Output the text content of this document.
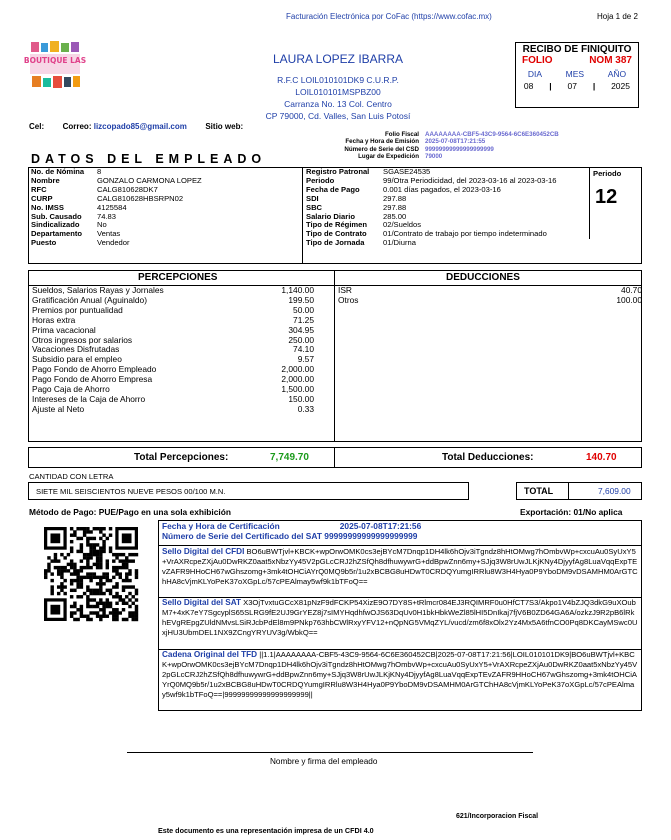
Facturación Electrónica por CoFac (https://www.cofac.mx)	Hoja 1 de 2
BOUTIQUE LAS	LAURA LOPEZ IBARRA
R.F.C LOIL010101DK9 C.U.R.P. LOIL010101MSPBZ00
Carranza No. 13 Col. Centro
CP 79000, Cd. Valles, San Luis Potosí
RECIBO DE FINIQUITO
FOLIO	NOM 387
DIA	MES	AÑO
08 | 07 | 2025
Cel: Correo: lizcopado85@gmail.com Sitio web:
Folio Fiscal AAAAAAAA-CBF5-43C9-9564-6C6E360452CB
Fecha y Hora de Emisión 2025-07-08T17:21:55
Número de Serie del CSD 99999999999999999999
Lugar de Expedición 79000
DATOS DEL EMPLEADO
No. de Nómina	8
Nombre	GONZALO CARMONA LOPEZ
RFC	CALG810628DK7
CURP	CALG810628HBSRPN02
No. IMSS	4125584
Sub. Causado	74.83
Sindicalizado	No
Departamento	Ventas
Puesto	Vendedor
Registro Patronal	SGASE24535
Periodo	99/Otra Periodicidad, del 2023-03-16 al 2023-03-16
Fecha de Pago	0.001 días pagados, el 2023-03-16
SDI	297.88
SBC	297.88
Salario Diario	285.00
Tipo de Régimen	02/Sueldos
Tipo de Contrato	01/Contrato de trabajo por tiempo indeterminado
Tipo de Jornada	01/Diurna
Periodo
12
PERCEPCIONES	DEDUCCIONES
Sueldos, Salarios Rayas y Jornales	1,140.00
Gratificación Anual (Aguinaldo)	199.50
Premios por puntualidad	50.00
Horas extra	71.25
Prima vacacional	304.95
Otros ingresos por salarios	250.00
Vacaciones Disfrutadas	74.10
Subsidio para el empleo	9.57
Pago Fondo de Ahorro Empleado	2,000.00
Pago Fondo de Ahorro Empresa	2,000.00
Pago Caja de Ahorro	1,500.00
Intereses de la Caja de Ahorro	150.00
Ajuste al Neto	0.33
ISR	40.70
Otros	100.00
Total Percepciones:	7,749.70	Total Deducciones:	140.70
CANTIDAD CON LETRA
SIETE MIL SEISCIENTOS NUEVE PESOS 00/100 M.N.	TOTAL	7,609.00
Método de Pago: PUE/Pago en una sola exhibición	Exportación: 01/No aplica
Fecha y Hora de Certificación	2025-07-08T17:21:56
Número de Serie del Certificado del SAT 99999999999999999999
Sello Digital del CFDI BO6uBWTjvl+KBCK+wpOrwOMK0cs3ejBYcM7Dnqp1DH4lk6hOjv3iTgndz8hHtOMwg7hOmbvWp+cxcuAu0SyUxY5+VrAXRcpeZXjAu0DwRKZ0aat5xNbzYy45V2pGLcCRJ2hZSfQh8dfhuwywrG+ddBpwZnn6my+SJjq3W8rUwJLKjKNy4DjyyfAg8LuaVqqExpTEvZAFR9HHoCH67wGhszomg+3mk4tOHCiAYrQ0MQ9b5r/1u2xBCBG8uHDwT0CRDQYumgIRRlu8W3H4Hya0P9YboDM9vDSAMHM0ArGTChHA8cVjmKLYoPeK37oXGpLc/57cPEAlmay5wf9k1bTFoQ==
Sello Digital del SAT X3OjTvxtuGCcX81pNzF9dFCKP54XizE9O7DY8S+tRlmcr084EJ3RQIMRF0u0HfCT7S3/Akpo1V4bZJQ3dkG9uXOubM7+4xK7eY7SgcyplS65SLRG9fE2UJ9GrYEZ8j7sIMYHqdhfwOJS63DqUv0H1bkHbkWeZl85lHI5DnIkaj7fjV6B0ZD64GA6A/ozkzJ9R2pB6lRkhEVgREpgZUldNMvsLSiRJcbPdEl8m9PNkp763hbCWlRxyYFV12+nQpNG5VMqZYL/vucd/zm6f8xOlx2Yz4Mx5A6tfnCO0Pq8DKCayMSwc0UxjHU3UbmDEL1NX9ZCngYRYUV3g/WbkQ==
Cadena Original del TFD ||1.1|AAAAAAAA-CBF5-43C9-9564-6C6E360452CB|2025-07-08T17:21:56|LOIL010101DK9|BO6uBWTjvl+KBCK+wpOrwOMK0cs3ejBYcM7Dnqp1DH4lk6hOjv3iTgndz8hHtOMwg7hOmbvWp+cxcuAu0SyUxY5+VrAXRcpeZXjAu0DwRKZ0aat5xNbzYy45V2pGLcCRJ2hZSfQh8dfhuwywrG+ddBpwZnn6my+SJjq3W8rUwJLKjKNy4DjyyfAg8LuaVqqExpTEvZAFR9HHoCH67wGhszomg+3mk4tOHCiAYrQ0MQ9b5r/1u2xBCBG8uHDwT0CRDQYumgIRRlu8W3H4Hya0P9YboDM9vDSAMHM0ArGTChHA8cVjmKLYoPeK37oXGpLc/57cPEAlmay5wf9k1bTFoQ==|99999999999999999999||
Nombre y firma del empleado
621/Incorporacion Fiscal
Este documento es una representación impresa de un CFDI 4.0
